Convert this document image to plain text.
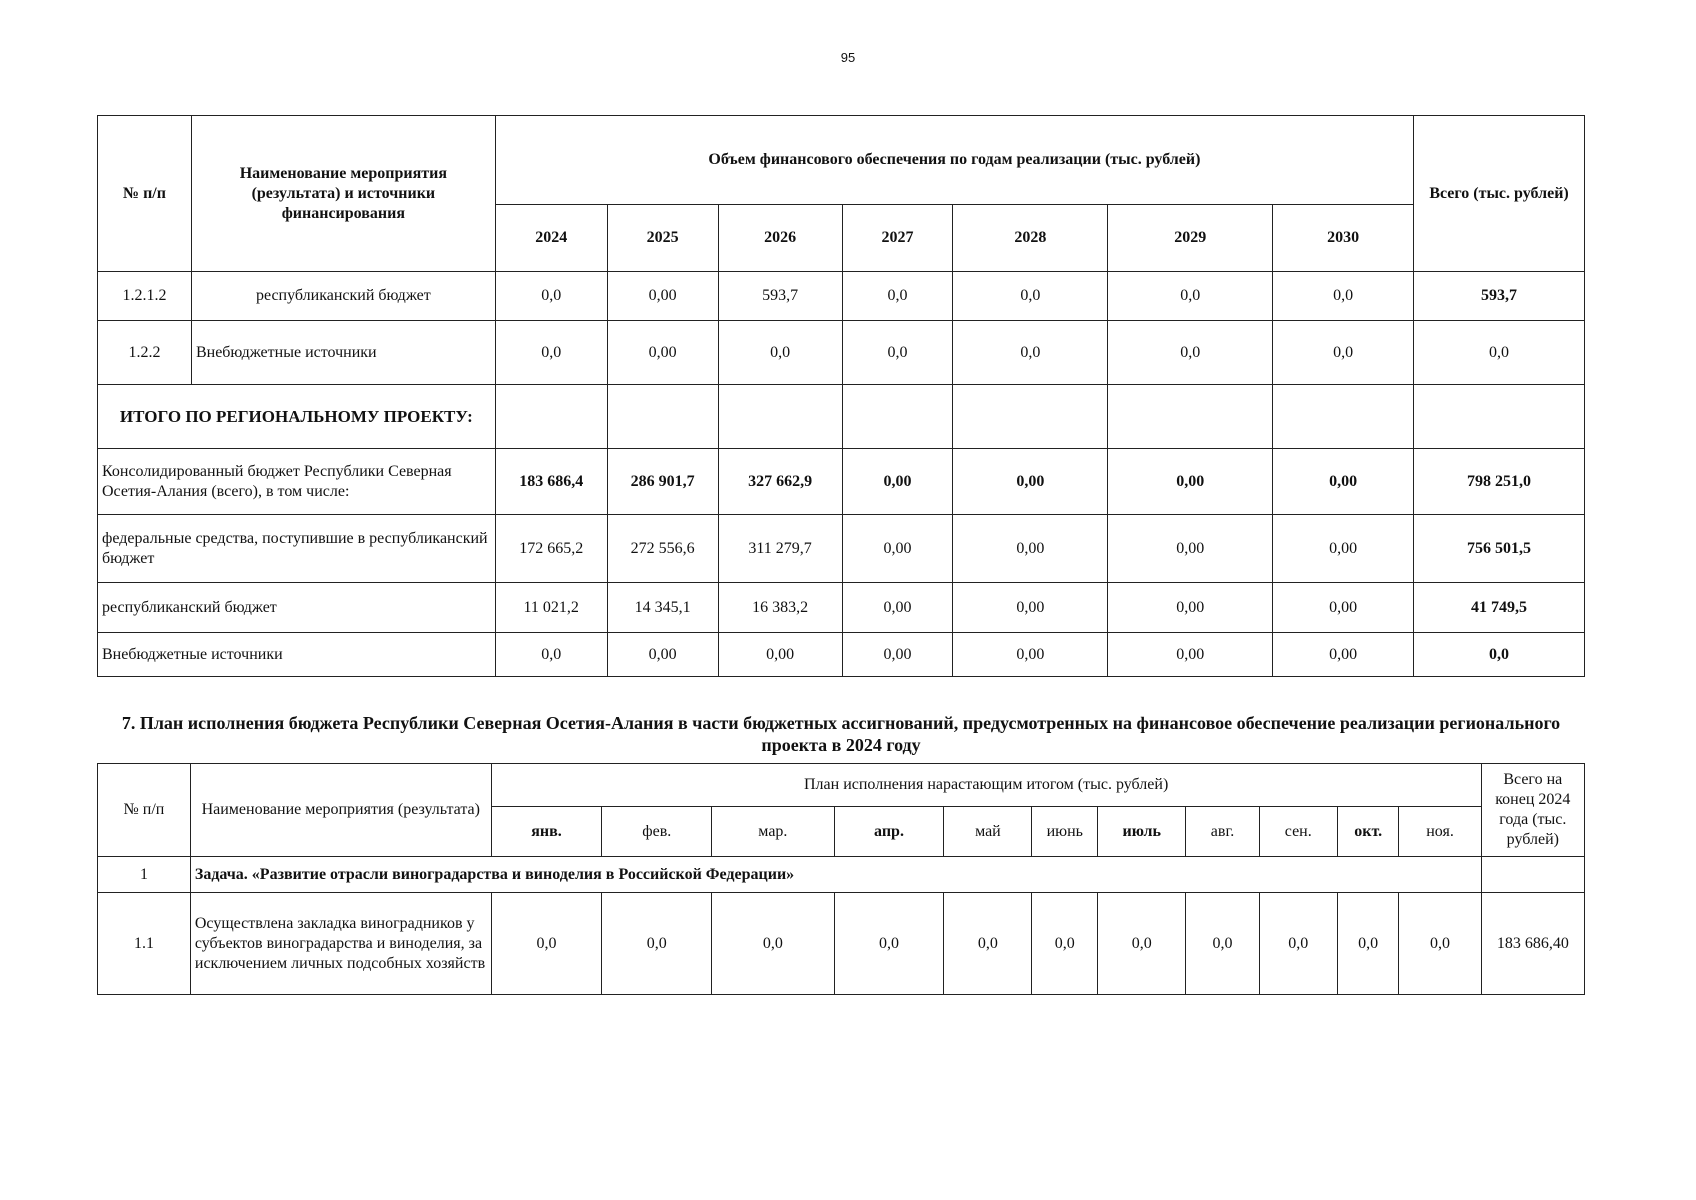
95
№ п/п	Наименование мероприятия (результата) и источники финансирования	Объем финансового обеспечения по годам реализации (тыс. рублей)							Всего (тыс. рублей)
		2024	2025	2026	2027	2028	2029	2030	
1.2.1.2	республиканский бюджет	0,0	0,00	593,7	0,0	0,0	0,0	0,0	593,7
1.2.2	Внебюджетные источники	0,0	0,00	0,0	0,0	0,0	0,0	0,0	0,0
ИТОГО ПО РЕГИОНАЛЬНОМУ ПРОЕКТУ:									
Консолидированный бюджет Республики Северная Осетия-Алания (всего), в том числе:		183 686,4	286 901,7	327 662,9	0,00	0,00	0,00	0,00	798 251,0
федеральные средства, поступившие в республиканский бюджет		172 665,2	272 556,6	311 279,7	0,00	0,00	0,00	0,00	756 501,5
республиканский бюджет		11 021,2	14 345,1	16 383,2	0,00	0,00	0,00	0,00	41 749,5
Внебюджетные источники		0,0	0,00	0,00	0,00	0,00	0,00	0,00	0,0
7. План исполнения бюджета Республики Северная Осетия-Алания в части бюджетных ассигнований, предусмотренных на финансовое обеспечение реализации регионального проекта в 2024 году
№ п/п	Наименование мероприятия (результата)	План исполнения нарастающим итогом (тыс. рублей)											Всего на конец 2024 года (тыс. рублей)
		янв.	фев.	мар.	апр.	май	июнь	июль	авг.	сен.	окт.	ноя.	
1	Задача. «Развитие отрасли виноградарства и виноделия в Российской Федерации»												
1.1	Осуществлена закладка виноградников у субъектов виноградарства и виноделия, за исключением личных подсобных хозяйств	0,0	0,0	0,0	0,0	0,0	0,0	0,0	0,0	0,0	0,0	0,0	183 686,40
